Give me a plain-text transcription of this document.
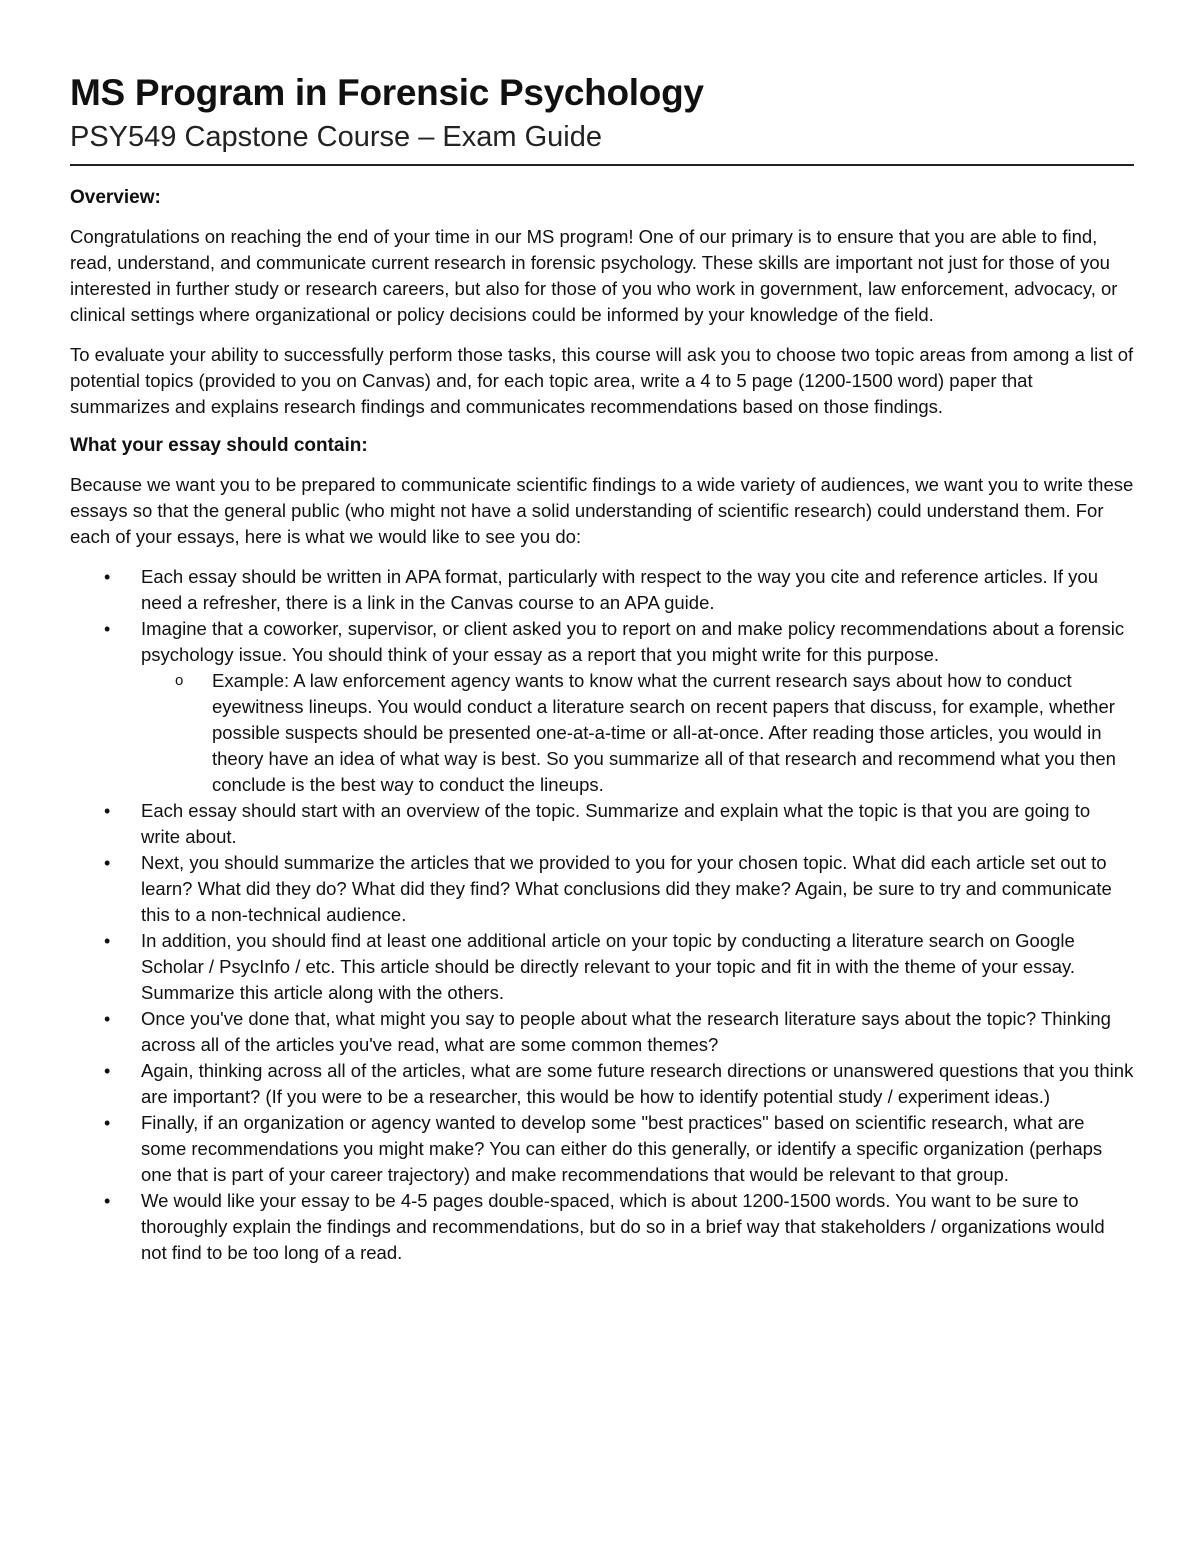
MS Program in Forensic Psychology
PSY549 Capstone Course – Exam Guide
Overview:

Congratulations on reaching the end of your time in our MS program! One of our primary is to ensure that you are able to find, read, understand, and communicate current research in forensic psychology. These skills are important not just for those of you interested in further study or research careers, but also for those of you who work in government, law enforcement, advocacy, or clinical settings where organizational or policy decisions could be informed by your knowledge of the field.

To evaluate your ability to successfully perform those tasks, this course will ask you to choose two topic areas from among a list of potential topics (provided to you on Canvas) and, for each topic area, write a 4 to 5 page (1200-1500 word) paper that summarizes and explains research findings and communicates recommendations based on those findings.

What your essay should contain:

Because we want you to be prepared to communicate scientific findings to a wide variety of audiences, we want you to write these essays so that the general public (who might not have a solid understanding of scientific research) could understand them. For each of your essays, here is what we would like to see you do:

• Each essay should be written in APA format, particularly with respect to the way you cite and reference articles. If you need a refresher, there is a link in the Canvas course to an APA guide.
• Imagine that a coworker, supervisor, or client asked you to report on and make policy recommendations about a forensic psychology issue. You should think of your essay as a report that you might write for this purpose.
o Example: A law enforcement agency wants to know what the current research says about how to conduct eyewitness lineups. You would conduct a literature search on recent papers that discuss, for example, whether possible suspects should be presented one-at-a-time or all-at-once. After reading those articles, you would in theory have an idea of what way is best. So you summarize all of that research and recommend what you then conclude is the best way to conduct the lineups.
• Each essay should start with an overview of the topic. Summarize and explain what the topic is that you are going to write about.
• Next, you should summarize the articles that we provided to you for your chosen topic. What did each article set out to learn? What did they do? What did they find? What conclusions did they make? Again, be sure to try and communicate this to a non-technical audience.
• In addition, you should find at least one additional article on your topic by conducting a literature search on Google Scholar / PsycInfo / etc. This article should be directly relevant to your topic and fit in with the theme of your essay. Summarize this article along with the others.
• Once you've done that, what might you say to people about what the research literature says about the topic? Thinking across all of the articles you've read, what are some common themes?
• Again, thinking across all of the articles, what are some future research directions or unanswered questions that you think are important? (If you were to be a researcher, this would be how to identify potential study / experiment ideas.)
• Finally, if an organization or agency wanted to develop some "best practices" based on scientific research, what are some recommendations you might make? You can either do this generally, or identify a specific organization (perhaps one that is part of your career trajectory) and make recommendations that would be relevant to that group.
• We would like your essay to be 4-5 pages double-spaced, which is about 1200-1500 words. You want to be sure to thoroughly explain the findings and recommendations, but do so in a brief way that stakeholders / organizations would not find to be too long of a read.
